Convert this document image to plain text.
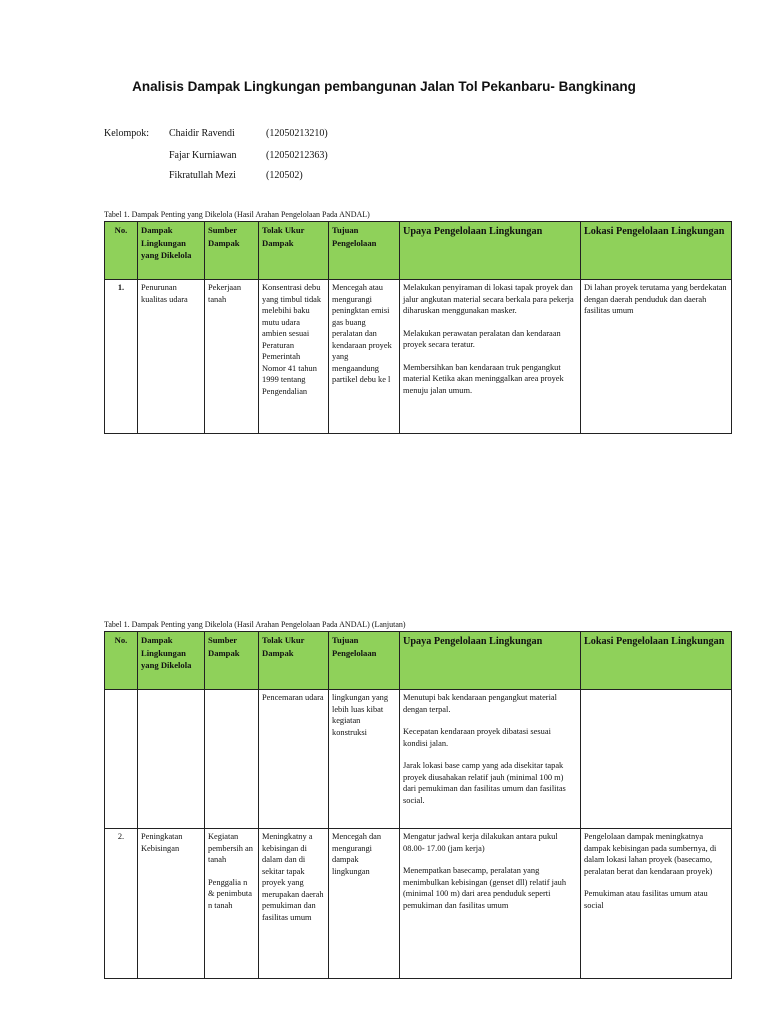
Analisis Dampak Lingkungan pembangunan Jalan Tol Pekanbaru- Bangkinang
Kelompok: Chaidir Ravendi	(12050213210)
Fajar Kurniawan	(12050212363)
Fikratullah Mezi	(120502)
Tabel 1. Dampak Penting yang Dikelola (Hasil Arahan Pengelolaan Pada ANDAL)
No.	Dampak Lingkungan yang Dikelola	Sumber Dampak	Tolak Ukur Dampak	Tujuan Pengelolaan	Upaya Pengelolaan Lingkungan	Lokasi Pengelolaan Lingkungan
1.	Penurunan kualitas udara	Pekerjaan tanah	Konsentrasi debu yang timbul tidak melebihi baku mutu udara ambien sesuai Peraturan Pemerintah Nomor 41 tahun 1999 tentang Pengendalian	Mencegah atau mengurangi peningktan emisi gas buang peralatan dan kendaraan proyek yang mengaandung partikel debu ke l	Melakukan penyiraman di lokasi tapak proyek dan jalur angkutan material secara berkala para pekerja diharuskan menggunakan masker.
Melakukan perawatan peralatan dan kendaraan proyek secara teratur.
Membersihkan ban kendaraan truk pengangkut material Ketika akan meninggalkan area proyek menuju jalan umum.	Di lahan proyek terutama yang berdekatan dengan daerah penduduk dan daerah fasilitas umum
Tabel 1. Dampak Penting yang Dikelola (Hasil Arahan Pengelolaan Pada ANDAL) (Lanjutan)
No.	Dampak Lingkungan yang Dikelola	Sumber Dampak	Tolak Ukur Dampak	Tujuan Pengelolaan	Upaya Pengelolaan Lingkungan	Lokasi Pengelolaan Lingkungan
			Pencemaran udara	lingkungan yang lebih luas kibat kegiatan konstruksi	Menutupi bak kendaraan pengangkut material dengan terpal.
Kecepatan kendaraan proyek dibatasi sesuai kondisi jalan.
Jarak lokasi base camp yang ada disekitar tapak proyek diusahakan relatif jauh (minimal 100 m) dari pemukiman dan fasilitas umum dan fasilitas social.	

2.	Peningkatan Kebisingan	Kegiatan pembersih an tanah
Penggalia n & penimbuta n tanah	Meningkatny a kebisingan di dalam dan di sekitar tapak proyek yang merupakan daerah pemukiman dan fasilitas umum	Mencegah dan mengurangi dampak lingkungan	Mengatur jadwal kerja dilakukan antara pukul 08.00- 17.00 (jam kerja)
Menempatkan basecamp, peralatan yang menimbulkan kebisingan (genset dll) relatif jauh (minimal 100 m) dari area penduduk seperti pemukiman dan fasilitas umum	Pengelolaan dampak meningkatnya dampak kebisingan pada sumbernya, di dalam lokasi lahan proyek (basecamo, peralatan berat dan kendaraan proyek)
Pemukiman atau fasilitas umum atau social
